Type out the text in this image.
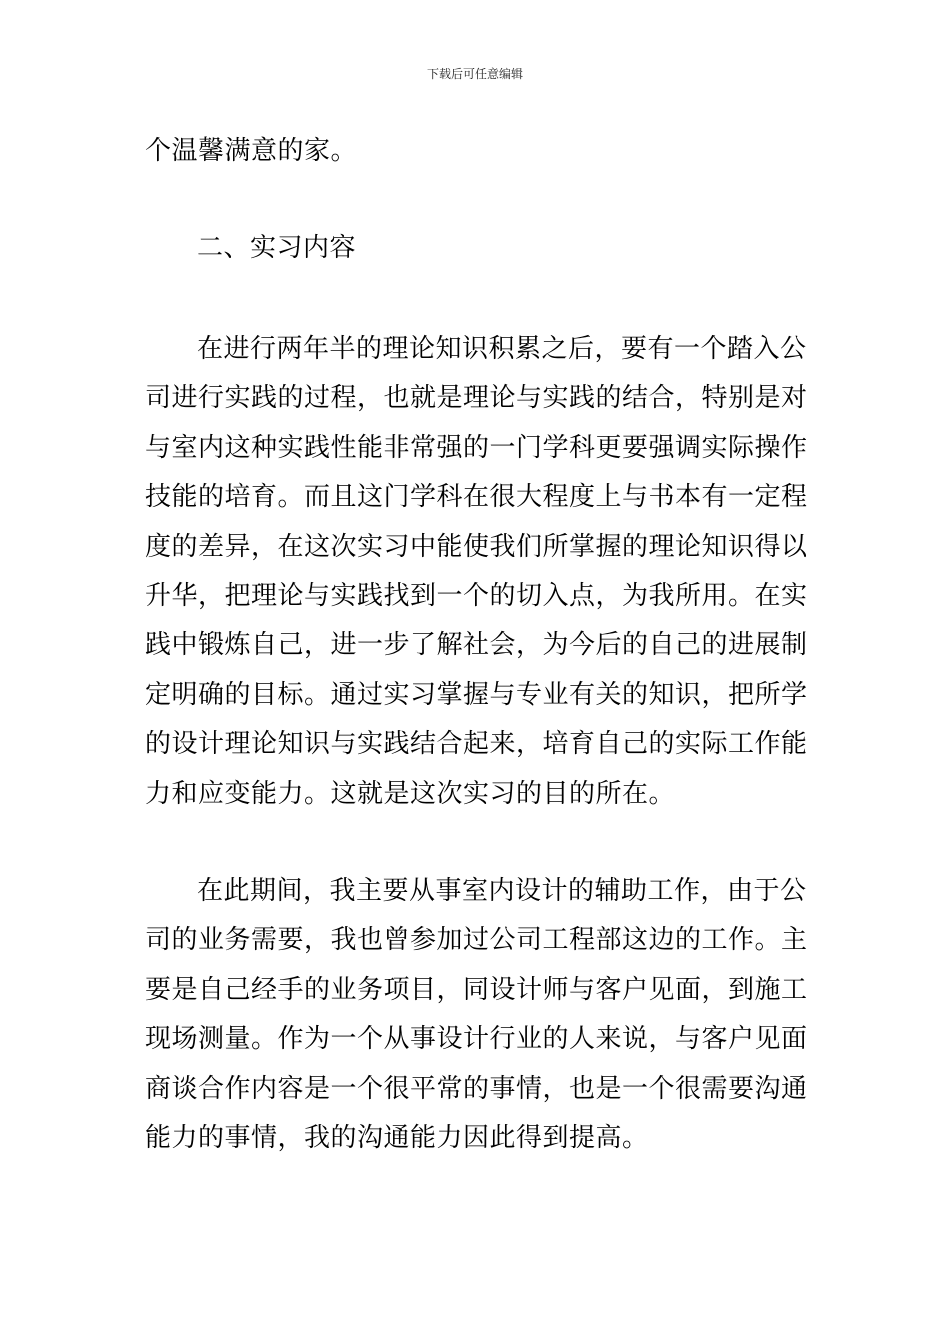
下载后可任意编辑
个温馨满意的家。
二、实习内容
在进行两年半的理论知识积累之后，要有一个踏入公
司进行实践的过程，也就是理论与实践的结合，特别是对
与室内这种实践性能非常强的一门学科更要强调实际操作
技能的培育。而且这门学科在很大程度上与书本有一定程
度的差异，在这次实习中能使我们所掌握的理论知识得以
升华，把理论与实践找到一个的切入点，为我所用。在实
践中锻炼自己，进一步了解社会，为今后的自己的进展制
定明确的目标。通过实习掌握与专业有关的知识，把所学
的设计理论知识与实践结合起来，培育自己的实际工作能
力和应变能力。这就是这次实习的目的所在。
在此期间，我主要从事室内设计的辅助工作，由于公
司的业务需要，我也曾参加过公司工程部这边的工作。主
要是自己经手的业务项目，同设计师与客户见面，到施工
现场测量。作为一个从事设计行业的人来说，与客户见面
商谈合作内容是一个很平常的事情，也是一个很需要沟通
能力的事情，我的沟通能力因此得到提高。
